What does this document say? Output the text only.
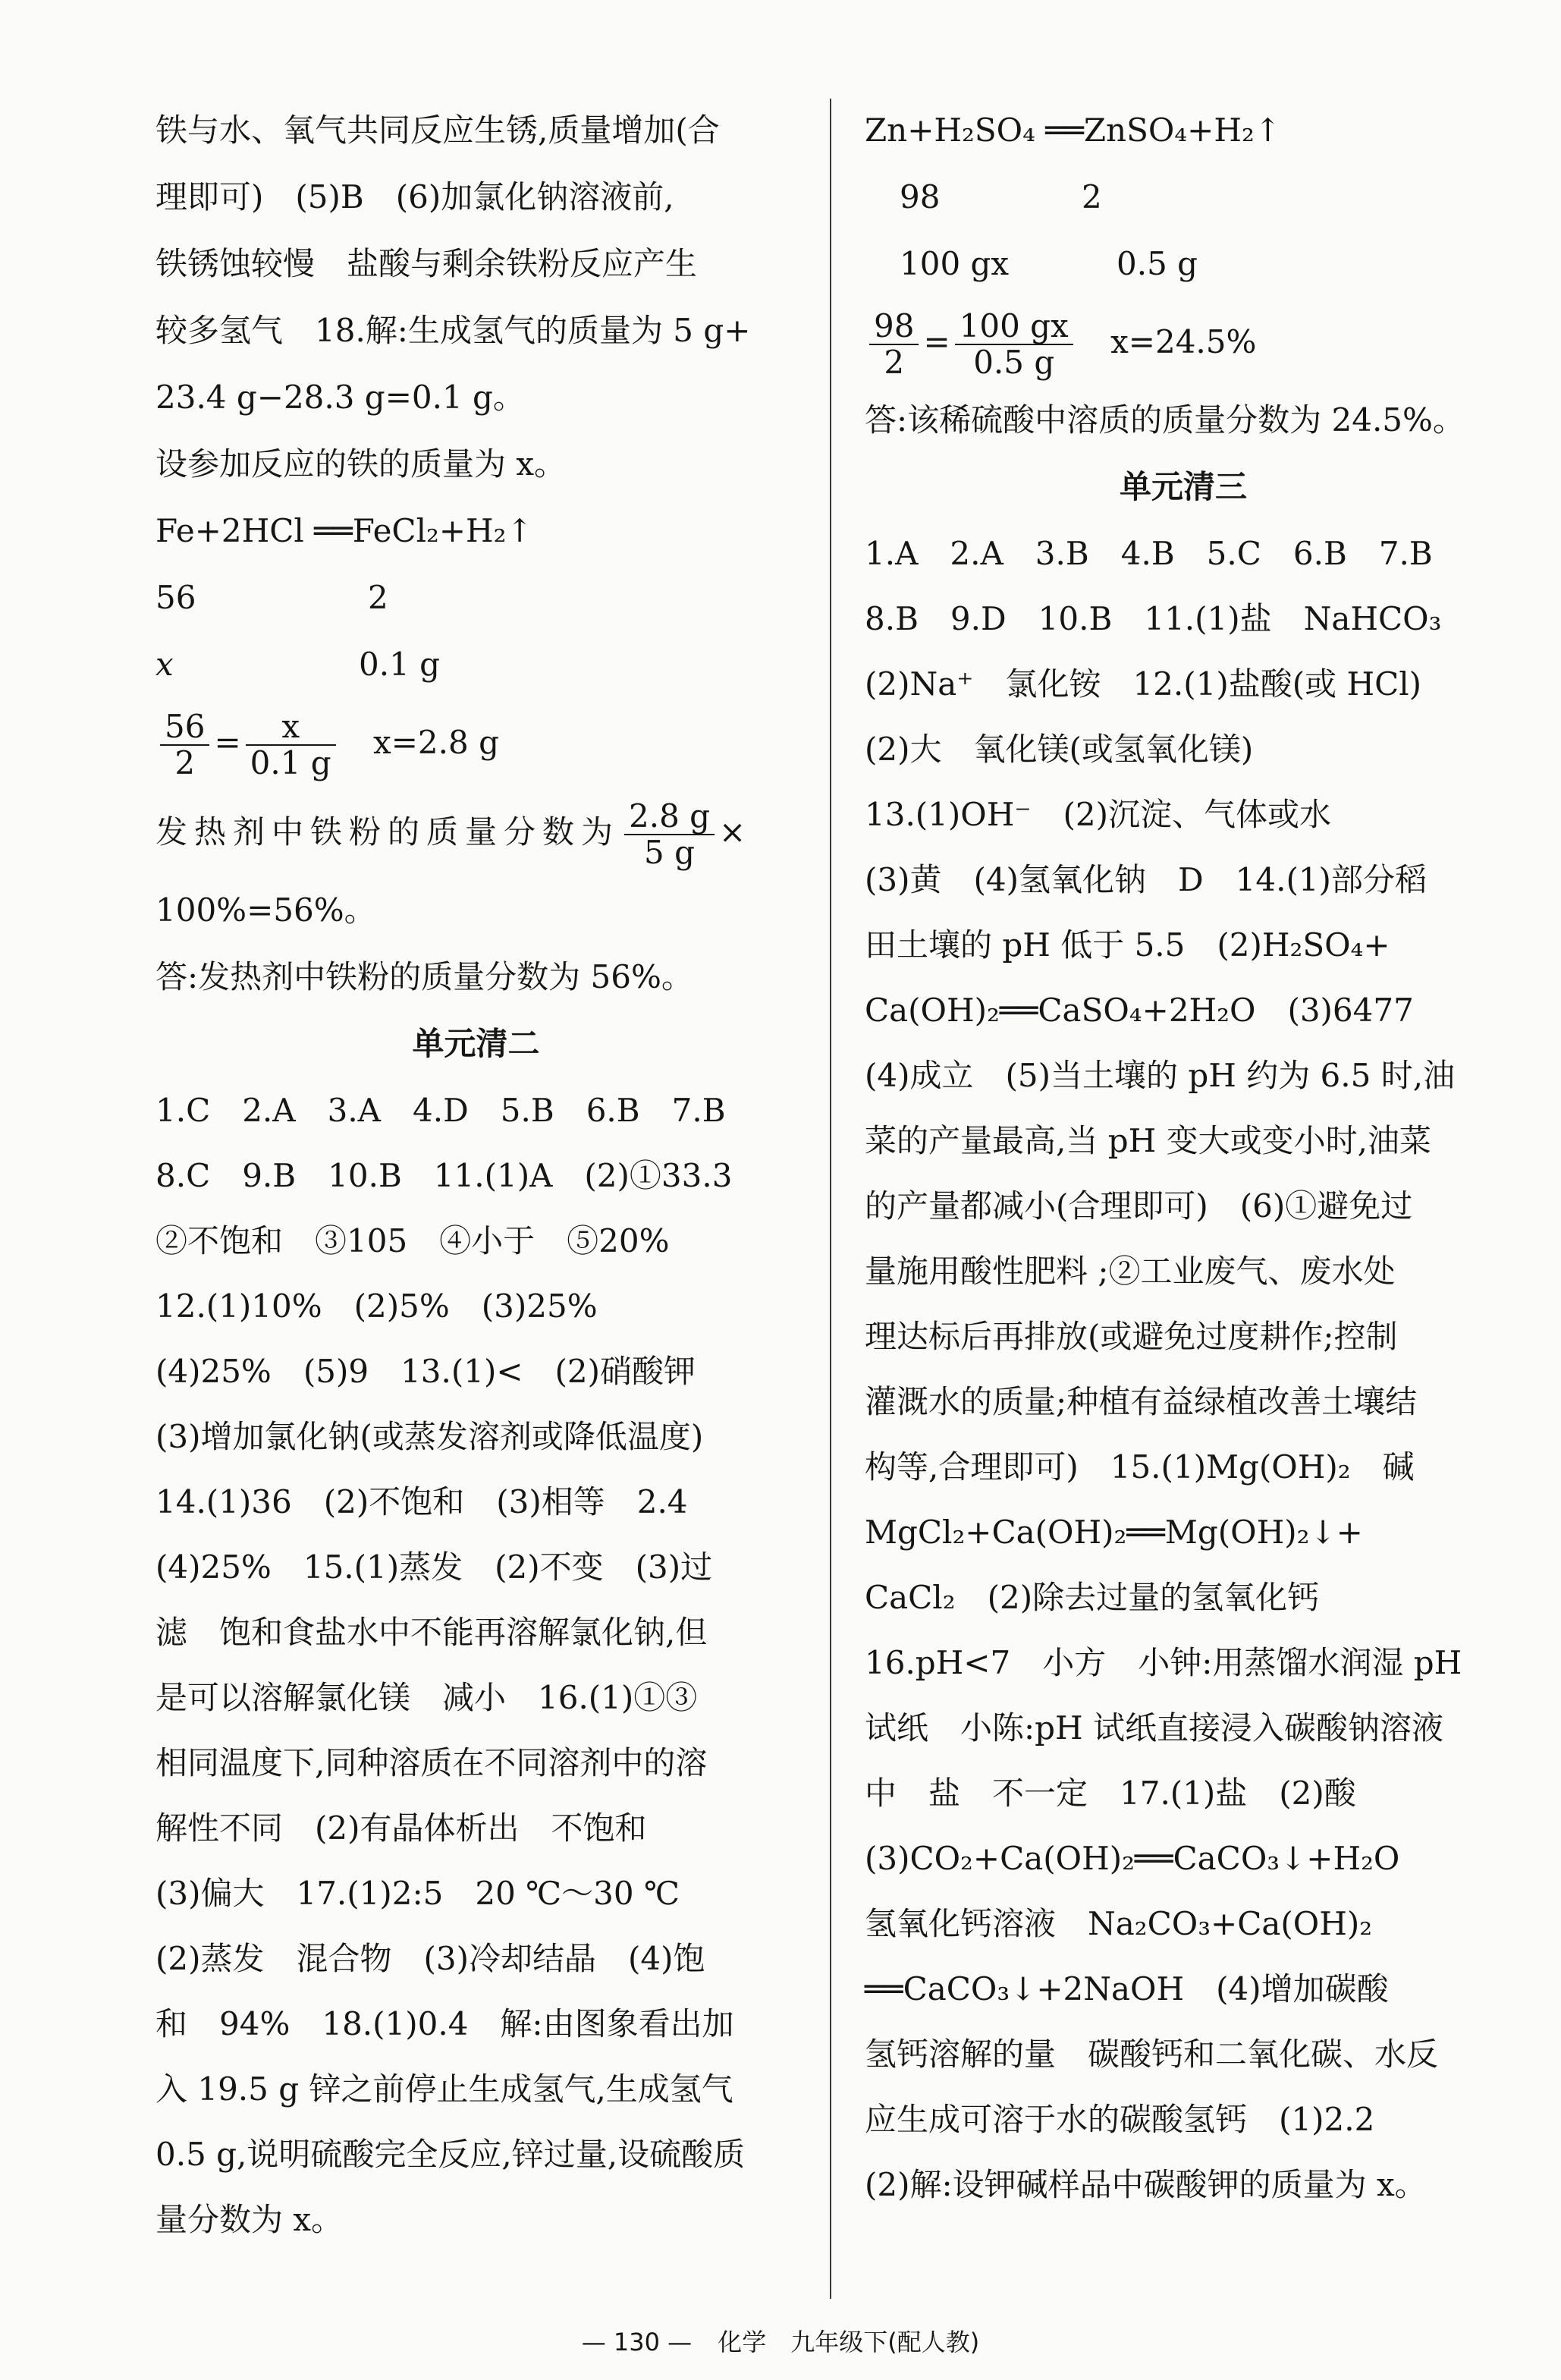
铁与水、氧气共同反应生锈,质量增加(合
理即可)　(5)B　(6)加氯化钠溶液前,
铁锈蚀较慢　盐酸与剩余铁粉反应产生
较多氢气　18.解:生成氢气的质量为 5 g+
23.4 g−28.3 g=0.1 g。
设参加反应的铁的质量为 x。
Fe+2HCl ══FeCl₂+H₂↑
56	2
x	0.1 g
$\frac{56}{2} = \frac{x}{0.1 g} x=2.8$ g
发热剂中铁粉的质量分数为 $\frac{2.8 g}{5 g}$ ×
100%=56%。
答:发热剂中铁粉的质量分数为 56%。
单元清二
1.C　2.A　3.A　4.D　5.B　6.B　7.B
8.C　9.B　10.B　11.(1)A　(2)①33.3
②不饱和　③105　④小于　⑤20%
12.(1)10%　(2)5%　(3)25%
(4)25%　(5)9　13.(1)<　(2)硝酸钾
(3)增加氯化钠(或蒸发溶剂或降低温度)
14.(1)36　(2)不饱和　(3)相等　2.4
(4)25%　15.(1)蒸发　(2)不变　(3)过
滤　饱和食盐水中不能再溶解氯化钠,但
是可以溶解氯化镁　减小　16.(1)①③
相同温度下,同种溶质在不同溶剂中的溶
解性不同　(2)有晶体析出　不饱和
(3)偏大　17.(1)2:5　20 ℃～30 ℃
(2)蒸发　混合物　(3)冷却结晶　(4)饱
和　94%　18.(1)0.4　解:由图象看出加
入 19.5 g 锌之前停止生成氢气,生成氢气
0.5 g,说明硫酸完全反应,锌过量,设硫酸质
量分数为 x。
Zn+H₂SO₄ ══ZnSO₄+H₂↑
98	2
100 gx	0.5 g
$\frac{98}{2} = \frac{100 gx}{0.5 g} x=24.5\%$
答:该稀硫酸中溶质的质量分数为 24.5%。
单元清三
1.A　2.A　3.B　4.B　5.C　6.B　7.B
8.B　9.D　10.B　11.(1)盐　NaHCO₃
(2)Na⁺　氯化铵　12.(1)盐酸(或 HCl)
(2)大　氧化镁(或氢氧化镁)
13.(1)OH⁻　(2)沉淀、气体或水
(3)黄　(4)氢氧化钠　D　14.(1)部分稻
田土壤的 pH 低于 5.5　(2)H₂SO₄+
Ca(OH)₂══CaSO₄+2H₂O　(3)6477
(4)成立　(5)当土壤的 pH 约为 6.5 时,油
菜的产量最高,当 pH 变大或变小时,油菜
的产量都减小(合理即可)　(6)①避免过
量施用酸性肥料 ;②工业废气、废水处
理达标后再排放(或避免过度耕作;控制
灌溉水的质量;种植有益绿植改善土壤结
构等,合理即可)　15.(1)Mg(OH)₂　碱
MgCl₂+Ca(OH)₂══Mg(OH)₂↓+
CaCl₂　(2)除去过量的氢氧化钙
16.pH<7　小方　小钟:用蒸馏水润湿 pH
试纸　小陈:pH 试纸直接浸入碳酸钠溶液
中　盐　不一定　17.(1)盐　(2)酸
(3)CO₂+Ca(OH)₂══CaCO₃↓+H₂O
氢氧化钙溶液　Na₂CO₃+Ca(OH)₂
══CaCO₃↓+2NaOH　(4)增加碳酸
氢钙溶解的量　碳酸钙和二氧化碳、水反
应生成可溶于水的碳酸氢钙　(1)2.2
(2)解:设钾碱样品中碳酸钾的质量为 x。
— 130 — 化学　九年级下(配人教)
